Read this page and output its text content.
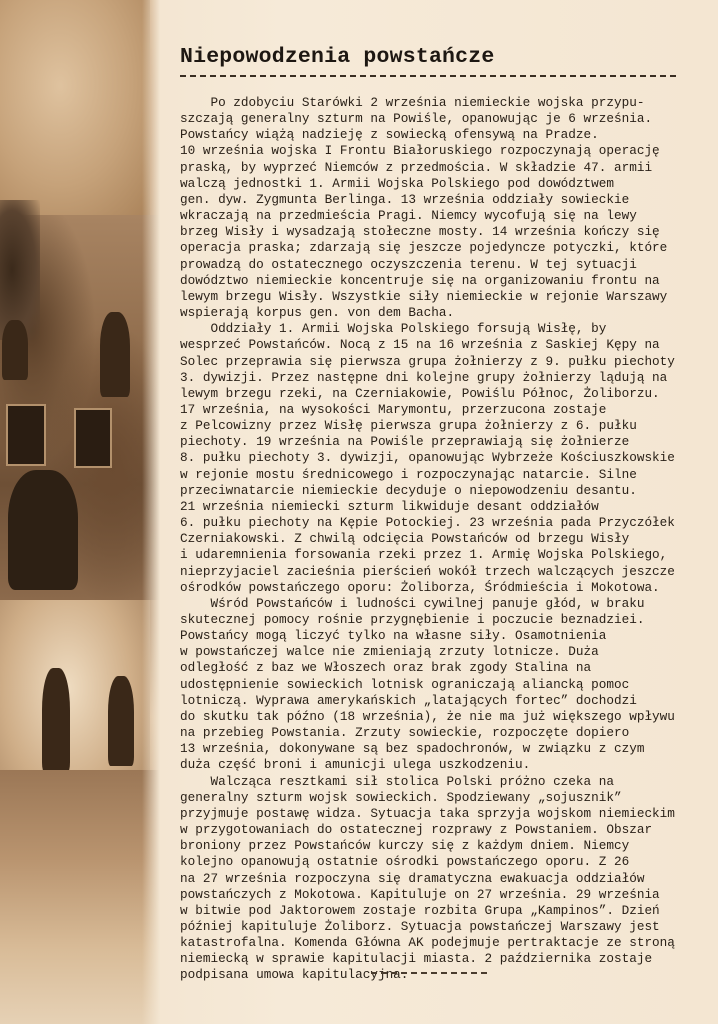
Niepowodzenia powstańcze
Po zdobyciu Starówki 2 września niemieckie wojska przypu-
szczają generalny szturm na Powiśle, opanowując je 6 września.
Powstańcy wiążą nadzieję z sowiecką ofensywą na Pradze.
10 września wojska I Frontu Białoruskiego rozpoczynają operację
praską, by wyprzeć Niemców z przedmościa. W składzie 47. armii
walczą jednostki 1. Armii Wojska Polskiego pod dowództwem
gen. dyw. Zygmunta Berlinga. 13 września oddziały sowieckie
wkraczają na przedmieścia Pragi. Niemcy wycofują się na lewy
brzeg Wisły i wysadzają stołeczne mosty. 14 września kończy się
operacja praska; zdarzają się jeszcze pojedyncze potyczki, które
prowadzą do ostatecznego oczyszczenia terenu. W tej sytuacji
dowództwo niemieckie koncentruje się na organizowaniu frontu na
lewym brzegu Wisły. Wszystkie siły niemieckie w rejonie Warszawy
wspierają korpus gen. von dem Bacha.
Oddziały 1. Armii Wojska Polskiego forsują Wisłę, by
wesprzeć Powstańców. Nocą z 15 na 16 września z Saskiej Kępy na
Solec przeprawia się pierwsza grupa żołnierzy z 9. pułku piechoty
3. dywizji. Przez następne dni kolejne grupy żołnierzy lądują na
lewym brzegu rzeki, na Czerniakowie, Powiślu Północ, Żoliborzu.
17 września, na wysokości Marymontu, przerzucona zostaje
z Pelcowizny przez Wisłę pierwsza grupa żołnierzy z 6. pułku
piechoty. 19 września na Powiśle przeprawiają się żołnierze
8. pułku piechoty 3. dywizji, opanowując Wybrzeże Kościuszkowskie
w rejonie mostu średnicowego i rozpoczynając natarcie. Silne
przeciwnatarcie niemieckie decyduje o niepowodzeniu desantu.
21 września niemiecki szturm likwiduje desant oddziałów
6. pułku piechoty na Kępie Potockiej. 23 września pada Przyczółek
Czerniakowski. Z chwilą odcięcia Powstańców od brzegu Wisły
i udaremnienia forsowania rzeki przez 1. Armię Wojska Polskiego,
nieprzyjaciel zacieśnia pierścień wokół trzech walczących jeszcze
ośrodków powstańczego oporu: Żoliborza, Śródmieścia i Mokotowa.
Wśród Powstańców i ludności cywilnej panuje głód, w braku
skutecznej pomocy rośnie przygnębienie i poczucie beznadziei.
Powstańcy mogą liczyć tylko na własne siły. Osamotnienia
w powstańczej walce nie zmieniają zrzuty lotnicze. Duża
odległość z baz we Włoszech oraz brak zgody Stalina na
udostępnienie sowieckich lotnisk ograniczają aliancką pomoc
lotniczą. Wyprawa amerykańskich „latających fortec” dochodzi
do skutku tak późno (18 września), że nie ma już większego wpływu
na przebieg Powstania. Zrzuty sowieckie, rozpoczęte dopiero
13 września, dokonywane są bez spadochronów, w związku z czym
duża część broni i amunicji ulega uszkodzeniu.
Walcząca resztkami sił stolica Polski próżno czeka na
generalny szturm wojsk sowieckich. Spodziewany „sojusznik”
przyjmuje postawę widza. Sytuacja taka sprzyja wojskom niemieckim
w przygotowaniach do ostatecznej rozprawy z Powstaniem. Obszar
broniony przez Powstańców kurczy się z każdym dniem. Niemcy
kolejno opanowują ostatnie ośrodki powstańczego oporu. Z 26
na 27 września rozpoczyna się dramatyczna ewakuacja oddziałów
powstańczych z Mokotowa. Kapituluje on 27 września. 29 września
w bitwie pod Jaktorowem zostaje rozbita Grupa „Kampinos”. Dzień
później kapituluje Żoliborz. Sytuacja powstańczej Warszawy jest
katastrofalna. Komenda Główna AK podejmuje pertraktacje ze stroną
niemiecką w sprawie kapitulacji miasta. 2 października zostaje
podpisana umowa kapitulacyjna.
